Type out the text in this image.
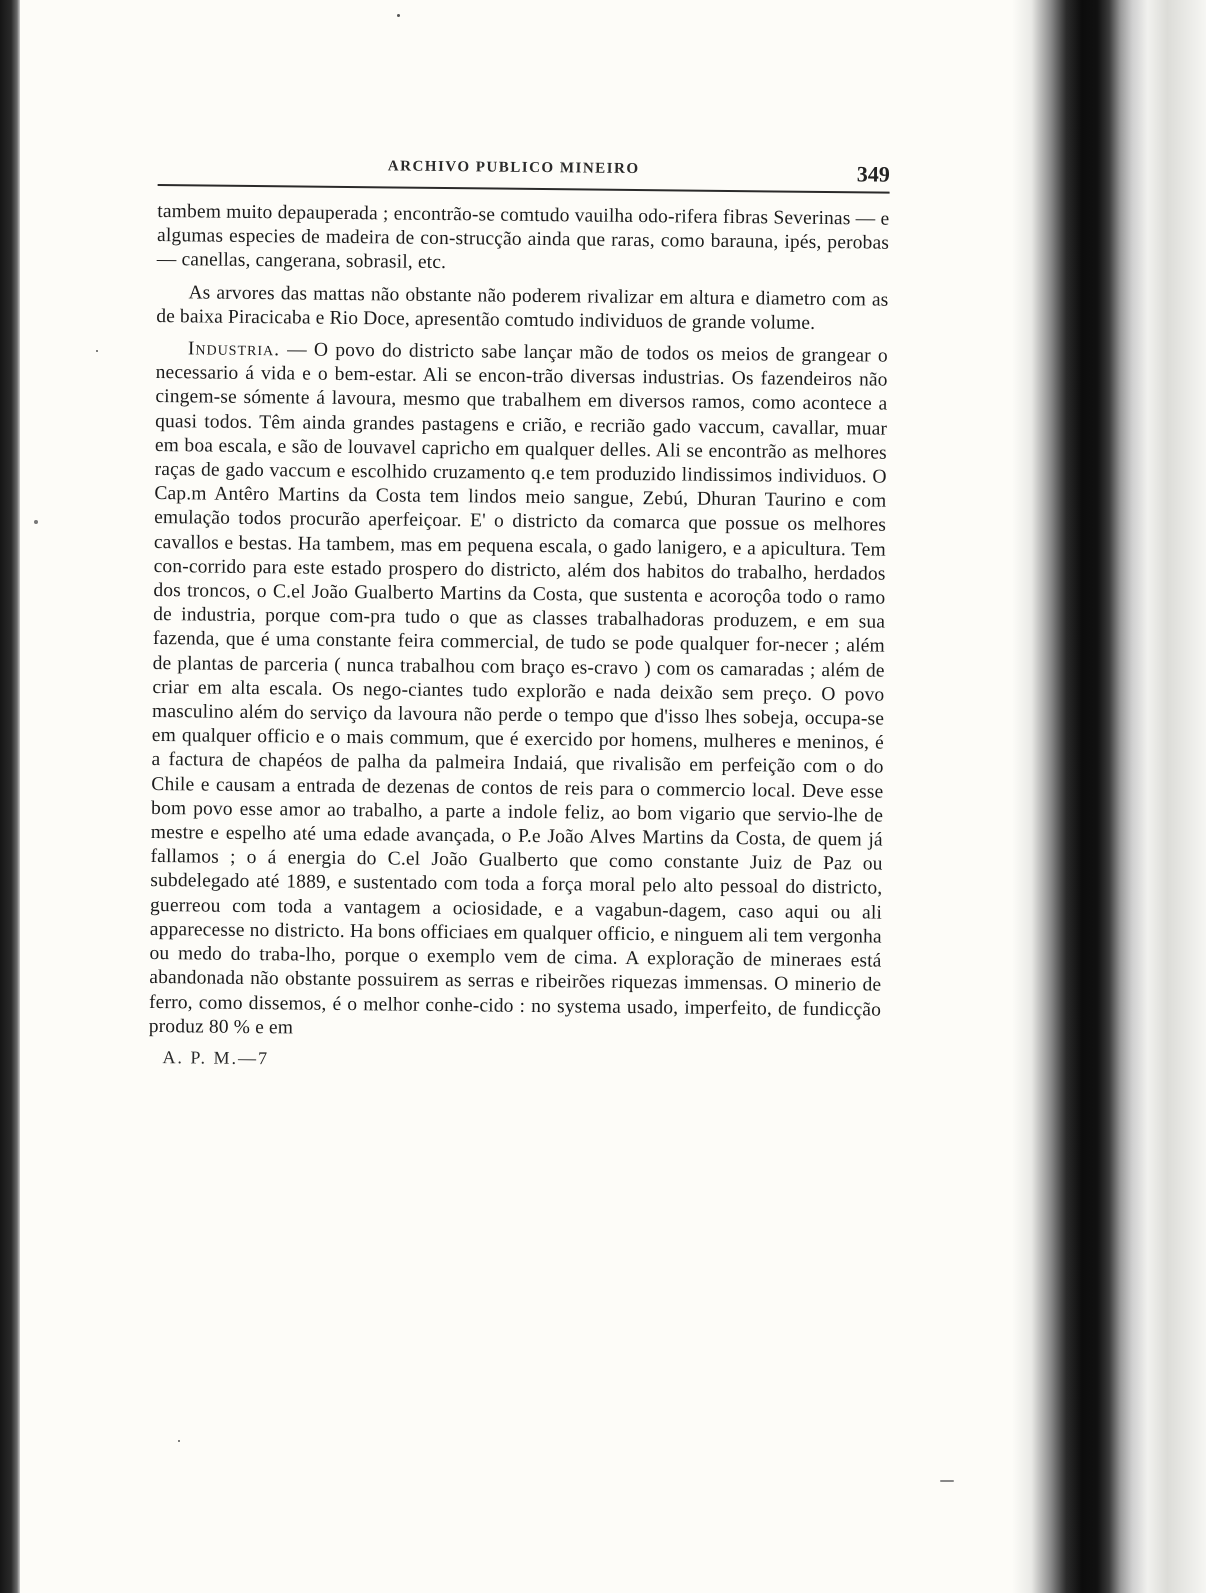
ARCHIVO PUBLICO MINEIRO	349

tambem muito depauperada ; encontrão-se comtudo vauilha odo-rifera fibras Severinas — e algumas especies de madeira de con-strucção ainda que raras, como barauna, ipés, perobas — canellas, cangerana, sobrasil, etc.

As arvores das mattas não obstante não poderem rivalizar em altura e diametro com as de baixa Piracicaba e Rio Doce, apresentão comtudo individuos de grande volume.

Industria. — O povo do districto sabe lançar mão de todos os meios de grangear o necessario á vida e o bem-estar. Ali se encon-trão diversas industrias. Os fazendeiros não cingem-se sómente á lavoura, mesmo que trabalhem em diversos ramos, como acontece a quasi todos. Têm ainda grandes pastagens e crião, e recrião gado vaccum, cavallar, muar em boa escala, e são de louvavel capricho em qualquer delles. Ali se encontrão as melhores raças de gado vaccum e escolhido cruzamento q.e tem produzido lindissimos individuos. O Cap.m Antêro Martins da Costa tem lindos meio sangue, Zebú, Dhuran Taurino e com emulação todos procurão aperfeiçoar. E' o districto da comarca que possue os melhores cavallos e bestas. Ha tambem, mas em pequena escala, o gado lanigero, e a apicultura. Tem con-corrido para este estado prospero do districto, além dos habitos do trabalho, herdados dos troncos, o C.el João Gualberto Martins da Costa, que sustenta e acoroçôa todo o ramo de industria, porque com-pra tudo o que as classes trabalhadoras produzem, e em sua fazenda, que é uma constante feira commercial, de tudo se pode qualquer for-necer ; além de plantas de parceria ( nunca trabalhou com braço es-cravo ) com os camaradas ; além de criar em alta escala. Os nego-ciantes tudo explorão e nada deixão sem preço. O povo masculino além do serviço da lavoura não perde o tempo que d'isso lhes sobeja, occupa-se em qualquer officio e o mais commum, que é exercido por homens, mulheres e meninos, é a factura de chapéos de palha da palmeira Indaiá, que rivalisão em perfeição com o do Chile e causam a entrada de dezenas de contos de reis para o commercio local. Deve esse bom povo esse amor ao trabalho, a parte a indole feliz, ao bom vigario que servio-lhe de mestre e espelho até uma edade avançada, o P.e João Alves Martins da Costa, de quem já fallamos ; o á energia do C.el João Gualberto que como constante Juiz de Paz ou subdelegado até 1889, e sustentado com toda a força moral pelo alto pessoal do districto, guerreou com toda a vantagem a ociosidade, e a vagabun-dagem, caso aqui ou ali apparecesse no districto. Ha bons officiaes em qualquer officio, e ninguem ali tem vergonha ou medo do traba-lho, porque o exemplo vem de cima. A exploração de mineraes está abandonada não obstante possuirem as serras e ribeirões riquezas immensas. O minerio de ferro, como dissemos, é o melhor conhe-cido : no systema usado, imperfeito, de fundicção produz 80 % e em

A. P. M.—7
